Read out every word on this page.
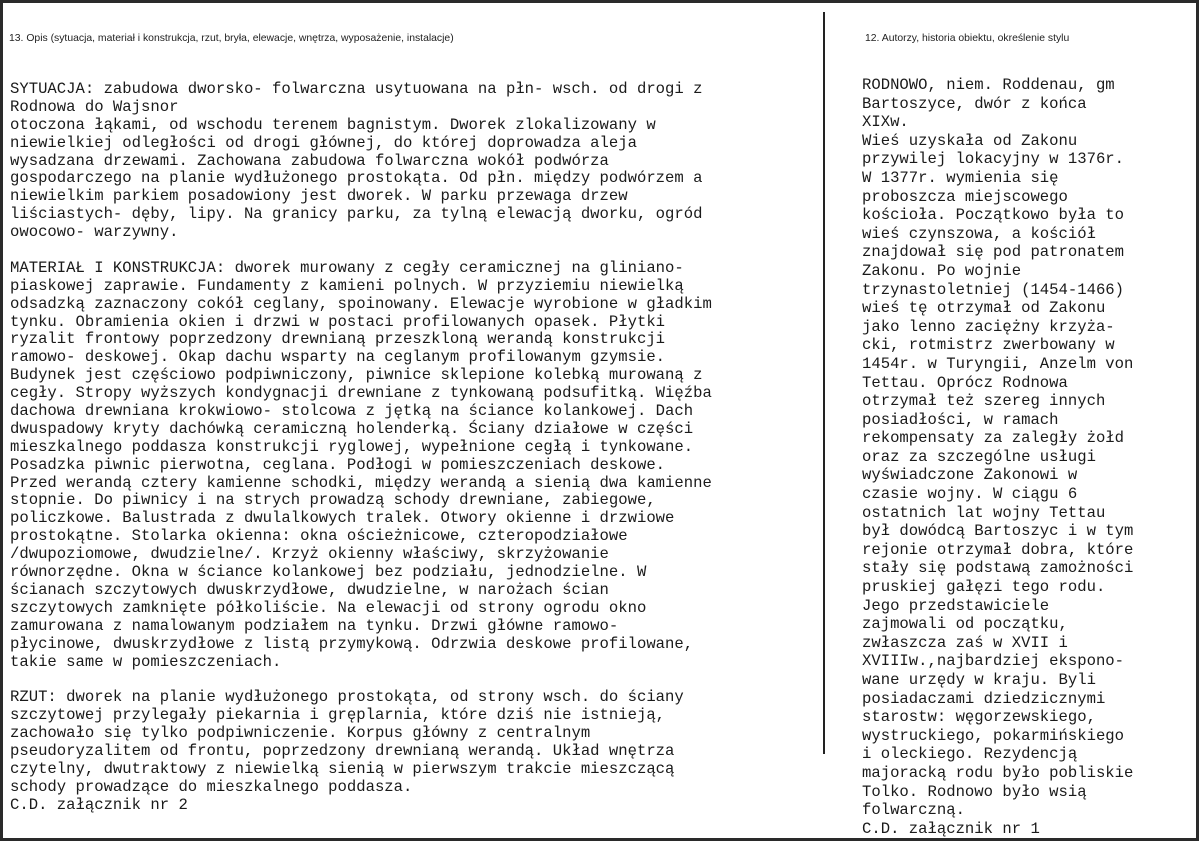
13. Opis (sytuacja, materiał i konstrukcja, rzut, bryła, elewacje, wnętrza, wyposażenie, instalacje)	12. Autorzy, historia obiektu, określenie stylu
SYTUACJA: zabudowa dworsko- folwarczna usytuowana na płn- wsch. od drogi z
Rodnowa do Wajsnor
otoczona łąkami, od wschodu terenem bagnistym. Dworek zlokalizowany w
niewielkiej odległości od drogi głównej, do której doprowadza aleja
wysadzana drzewami. Zachowana zabudowa folwarczna wokół podwórza
gospodarczego na planie wydłużonego prostokąta. Od płn. między podwórzem a
niewielkim parkiem posadowiony jest dworek. W parku przewaga drzew
liściastych- dęby, lipy. Na granicy parku, za tylną elewacją dworku, ogród
owocowo- warzywny.
MATERIAŁ I KONSTRUKCJA: dworek murowany z cegły ceramicznej na gliniano-
piaskowej zaprawie. Fundamenty z kamieni polnych. W przyziemiu niewielką
odsadzką zaznaczony cokół ceglany, spoinowany. Elewacje wyrobione w gładkim
tynku. Obramienia okien i drzwi w postaci profilowanych opasek. Płytki
ryzalit frontowy poprzedzony drewnianą przeszkloną werandą konstrukcji
ramowo- deskowej. Okap dachu wsparty na ceglanym profilowanym gzymsie.
Budynek jest częściowo podpiwniczony, piwnice sklepione kolebką murowaną z
cegły. Stropy wyższych kondygnacji drewniane z tynkowaną podsufitką. Więźba
dachowa drewniana krokwiowo- stolcowa z jętką na ściance kolankowej. Dach
dwuspadowy kryty dachówką ceramiczną holenderką. Ściany działowe w części
mieszkalnego poddasza konstrukcji ryglowej, wypełnione cegłą i tynkowane.
Posadzka piwnic pierwotna, ceglana. Podłogi w pomieszczeniach deskowe.
Przed werandą cztery kamienne schodki, między werandą a sienią dwa kamienne
stopnie. Do piwnicy i na strych prowadzą schody drewniane, zabiegowe,
policzkowe. Balustrada z dwulalkowych tralek. Otwory okienne i drzwiowe
prostokątne. Stolarka okienna: okna ościeżnicowe, czteropodziałowe
/dwupoziomowe, dwudzielne/. Krzyż okienny właściwy, skrzyżowanie
równorzędne. Okna w ściance kolankowej bez podziału, jednodzielne. W
ścianach szczytowych dwuskrzydłowe, dwudzielne, w narożach ścian
szczytowych zamknięte półkoliście. Na elewacji od strony ogrodu okno
zamurowana z namalowanym podziałem na tynku. Drzwi główne ramowo-
płycinowe, dwuskrzydłowe z listą przymykową. Odrzwia deskowe profilowane,
takie same w pomieszczeniach.
RZUT: dworek na planie wydłużonego prostokąta, od strony wsch. do ściany
szczytowej przylegały piekarnia i gręplarnia, które dziś nie istnieją,
zachowało się tylko podpiwniczenie. Korpus główny z centralnym
pseudoryzalitem od frontu, poprzedzony drewnianą werandą. Układ wnętrza
czytelny, dwutraktowy z niewielką sienią w pierwszym trakcie mieszczącą
schody prowadzące do mieszkalnego poddasza.
C.D. załącznik nr 2
RODNOWO, niem. Roddenau, gm
Bartoszyce, dwór z końca
XIXw.
Wieś uzyskała od Zakonu
przywilej lokacyjny w 1376r.
W 1377r. wymienia się
proboszcza miejscowego
kościoła. Początkowo była to
wieś czynszowa, a kościół
znajdował się pod patronatem
Zakonu. Po wojnie
trzynastoletniej (1454-1466)
wieś tę otrzymał od Zakonu
jako lenno zaciężny krzyża-
cki, rotmistrz zwerbowany w
1454r. w Turyngii, Anzelm von
Tettau. Oprócz Rodnowa
otrzymał też szereg innych
posiadłości, w ramach
rekompensaty za zaległy żołd
oraz za szczególne usługi
wyświadczone Zakonowi w
czasie wojny. W ciągu 6
ostatnich lat wojny Tettau
był dowódcą Bartoszyc i w tym
rejonie otrzymał dobra, które
stały się podstawą zamożności
pruskiej gałęzi tego rodu.
Jego przedstawiciele
zajmowali od początku,
zwłaszcza zaś w XVII i
XVIIIw.,najbardziej ekspono-
wane urzędy w kraju. Byli
posiadaczami dziedzicznymi
starostw: węgorzewskiego,
wystruckiego, pokarmińskiego
i oleckiego. Rezydencją
majoracką rodu było pobliskie
Tolko. Rodnowo było wsią
folwarczną.
C.D. załącznik nr 1
